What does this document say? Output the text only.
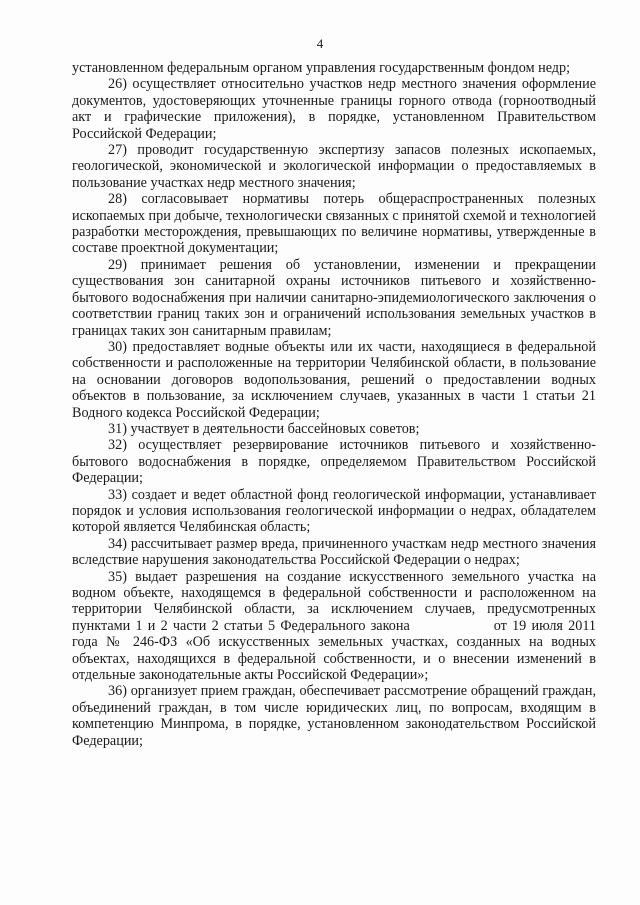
4

установленном федеральным органом управления государственным фондом недр;

26) осуществляет относительно участков недр местного значения оформление документов, удостоверяющих уточненные границы горного отвода (горноотводный акт и графические приложения), в порядке, установленном Правительством Российской Федерации;

27) проводит государственную экспертизу запасов полезных ископаемых, геологической, экономической и экологической информации о предоставляемых в пользование участках недр местного значения;

28) согласовывает нормативы потерь общераспространенных полезных ископаемых при добыче, технологически связанных с принятой схемой и технологией разработки месторождения, превышающих по величине нормативы, утвержденные в составе проектной документации;

29) принимает решения об установлении, изменении и прекращении существования зон санитарной охраны источников питьевого и хозяйственно-бытового водоснабжения при наличии санитарно-эпидемиологического заключения о соответствии границ таких зон и ограничений использования земельных участков в границах таких зон санитарным правилам;

30) предоставляет водные объекты или их части, находящиеся в федеральной собственности и расположенные на территории Челябинской области, в пользование на основании договоров водопользования, решений о предоставлении водных объектов в пользование, за исключением случаев, указанных в части 1 статьи 21 Водного кодекса Российской Федерации;

31) участвует в деятельности бассейновых советов;

32) осуществляет резервирование источников питьевого и хозяйственно-бытового водоснабжения в порядке, определяемом Правительством Российской Федерации;

33) создает и ведет областной фонд геологической информации, устанавливает порядок и условия использования геологической информации о недрах, обладателем которой является Челябинская область;

34) рассчитывает размер вреда, причиненного участкам недр местного значения вследствие нарушения законодательства Российской Федерации о недрах;

35) выдает разрешения на создание искусственного земельного участка на водном объекте, находящемся в федеральной собственности и расположенном на территории Челябинской области, за исключением случаев, предусмотренных пунктами 1 и 2 части 2 статьи 5 Федерального закона	от 19 июля 2011 года № 246-ФЗ «Об искусственных земельных участках, созданных на водных объектах, находящихся в федеральной собственности, и о внесении изменений в отдельные законодательные акты Российской Федерации»;

36) организует прием граждан, обеспечивает рассмотрение обращений граждан, объединений граждан, в том числе юридических лиц, по вопросам, входящим в компетенцию Минпрома, в порядке, установленном законодательством Российской Федерации;
